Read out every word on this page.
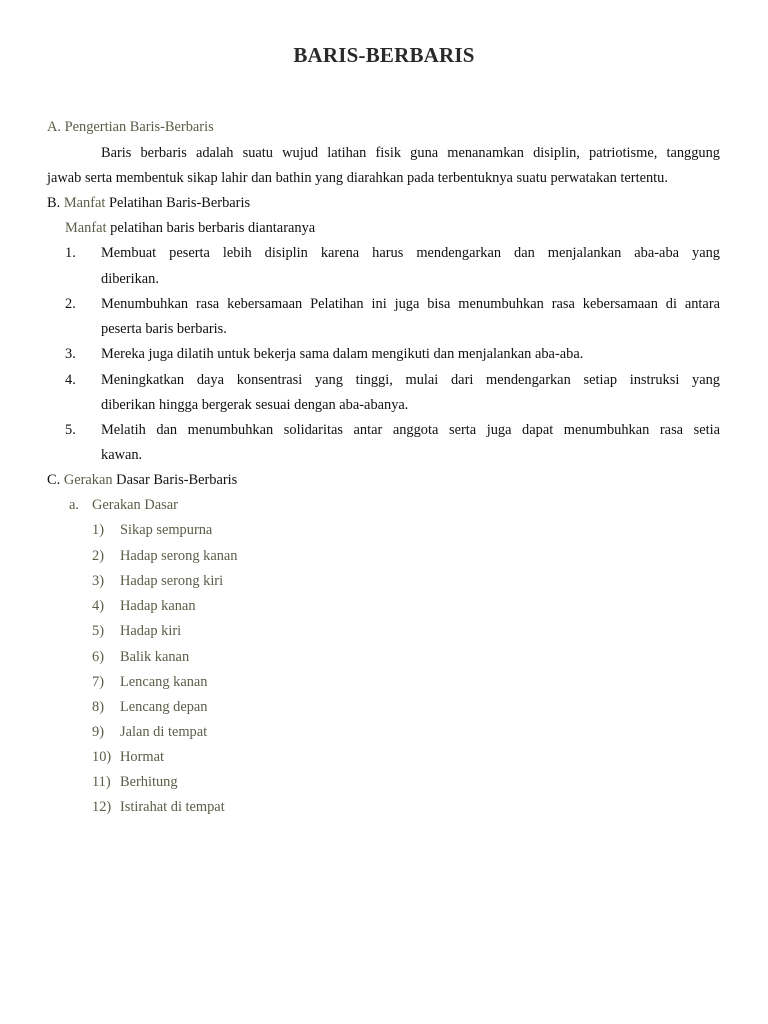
BARIS-BERBARIS
A. Pengertian Baris-Berbaris
Baris berbaris adalah suatu wujud latihan fisik guna menanamkan disiplin, patriotisme, tanggung
jawab serta membentuk sikap lahir dan bathin yang diarahkan pada terbentuknya suatu perwatakan tertentu.
B. Manfat Pelatihan Baris-Berbaris
Manfat pelatihan baris berbaris diantaranya
1. Membuat peserta lebih disiplin karena harus mendengarkan dan menjalankan aba-aba yang
diberikan.
2. Menumbuhkan rasa kebersamaan Pelatihan ini juga bisa menumbuhkan rasa kebersamaan di antara
peserta baris berbaris.
3. Mereka juga dilatih untuk bekerja sama dalam mengikuti dan menjalankan aba-aba.
4. Meningkatkan daya konsentrasi yang tinggi, mulai dari mendengarkan setiap instruksi yang
diberikan hingga bergerak sesuai dengan aba-abanya.
5. Melatih dan menumbuhkan solidaritas antar anggota serta juga dapat menumbuhkan rasa setia
kawan.
C. Gerakan Dasar Baris-Berbaris
a. Gerakan Dasar
1) Sikap sempurna
2) Hadap serong kanan
3) Hadap serong kiri
4) Hadap kanan
5) Hadap kiri
6) Balik kanan
7) Lencang kanan
8) Lencang depan
9) Jalan di tempat
10) Hormat
11) Berhitung
12) Istirahat di tempat
